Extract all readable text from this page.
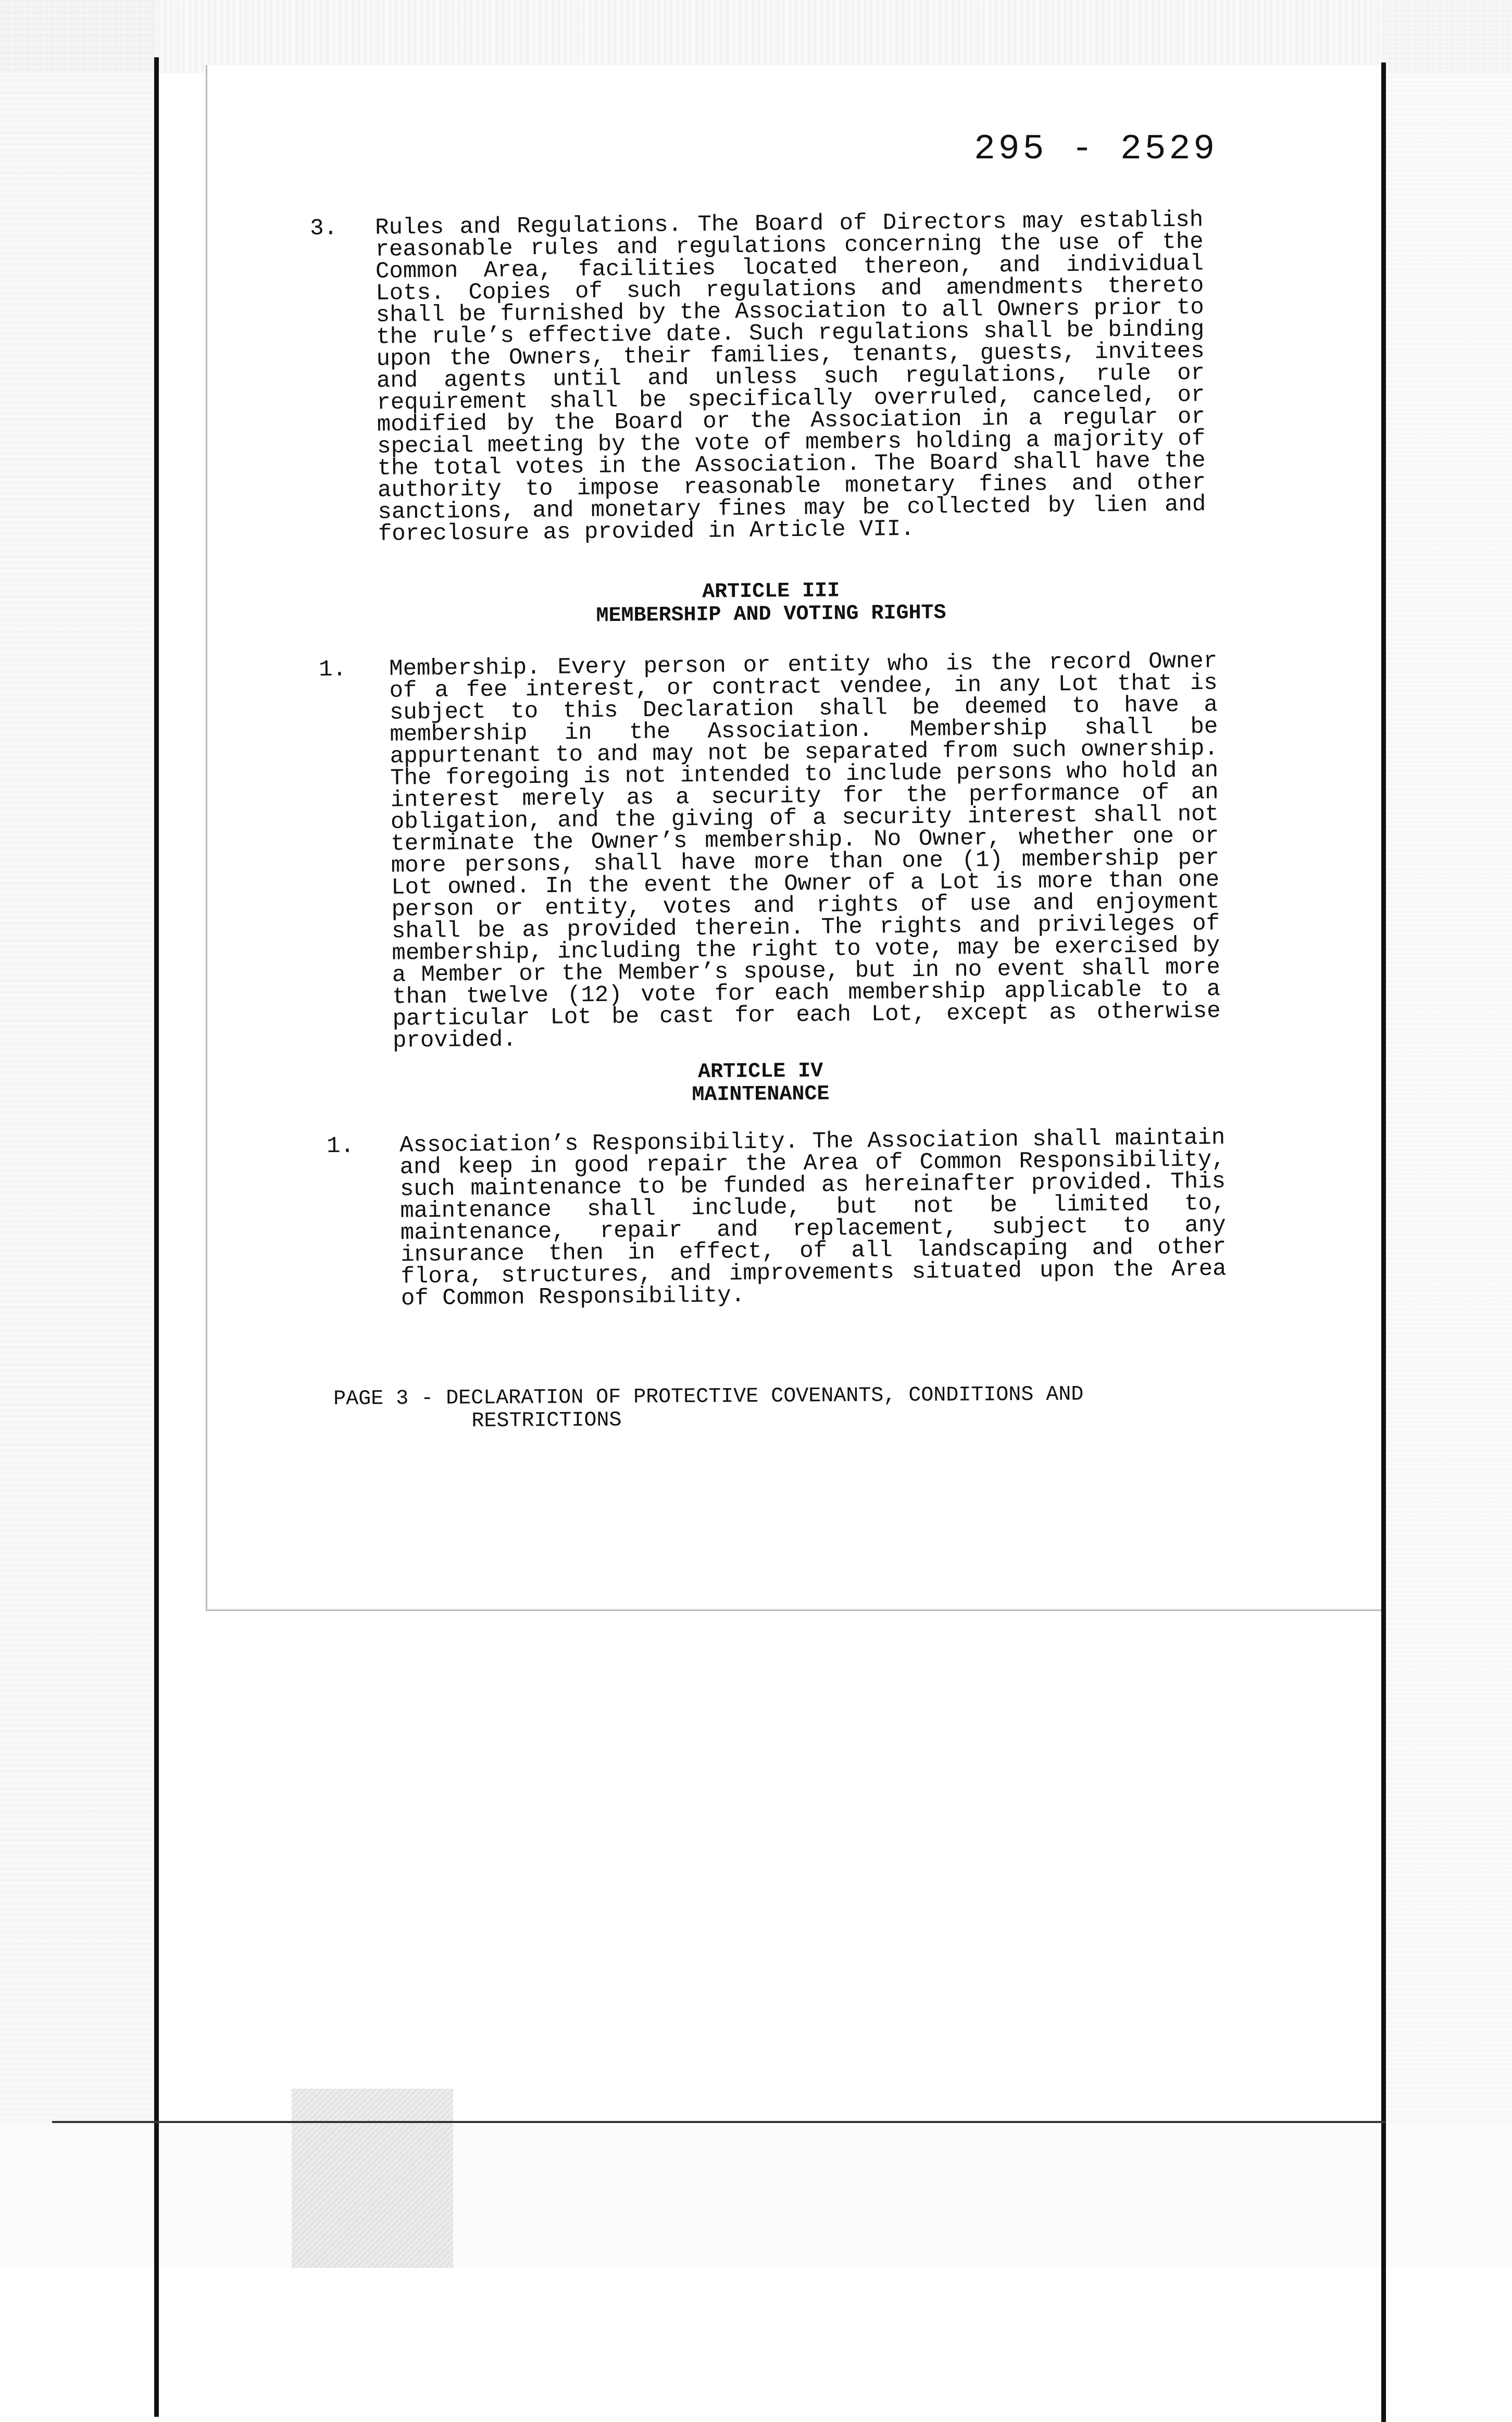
295 - 2529
3. Rules and Regulations. The Board of Directors may establish reasonable rules and regulations concerning the use of the Common Area, facilities located thereon, and individual Lots. Copies of such regulations and amendments thereto shall be furnished by the Association to all Owners prior to the rule’s effective date. Such regulations shall be binding upon the Owners, their families, tenants, guests, invitees and agents until and unless such regulations, rule or requirement shall be specifically overruled, canceled, or modified by the Board or the Association in a regular or special meeting by the vote of members holding a majority of the total votes in the Association. The Board shall have the authority to impose reasonable monetary fines and other sanctions, and monetary fines may be collected by lien and foreclosure as provided in Article VII.

ARTICLE III
MEMBERSHIP AND VOTING RIGHTS
1. Membership. Every person or entity who is the record Owner of a fee interest, or contract vendee, in any Lot that is subject to this Declaration shall be deemed to have a membership in the Association. Membership shall be appurtenant to and may not be separated from such ownership. The foregoing is not intended to include persons who hold an interest merely as a security for the performance of an obligation, and the giving of a security interest shall not terminate the Owner’s membership. No Owner, whether one or more persons, shall have more than one (1) membership per Lot owned. In the event the Owner of a Lot is more than one person or entity, votes and rights of use and enjoyment shall be as provided therein. The rights and privileges of membership, including the right to vote, may be exercised by a Member or the Member’s spouse, but in no event shall more than twelve (12) vote for each membership applicable to a particular Lot be cast for each Lot, except as otherwise provided.

ARTICLE IV
MAINTENANCE
1. Association’s Responsibility. The Association shall maintain and keep in good repair the Area of Common Responsibility, such maintenance to be funded as hereinafter provided. This maintenance shall include, but not be limited to, maintenance, repair and replacement, subject to any insurance then in effect, of all landscaping and other flora, structures, and improvements situated upon the Area of Common Responsibility.

PAGE 3 - DECLARATION OF PROTECTIVE COVENANTS, CONDITIONS AND
RESTRICTIONS
